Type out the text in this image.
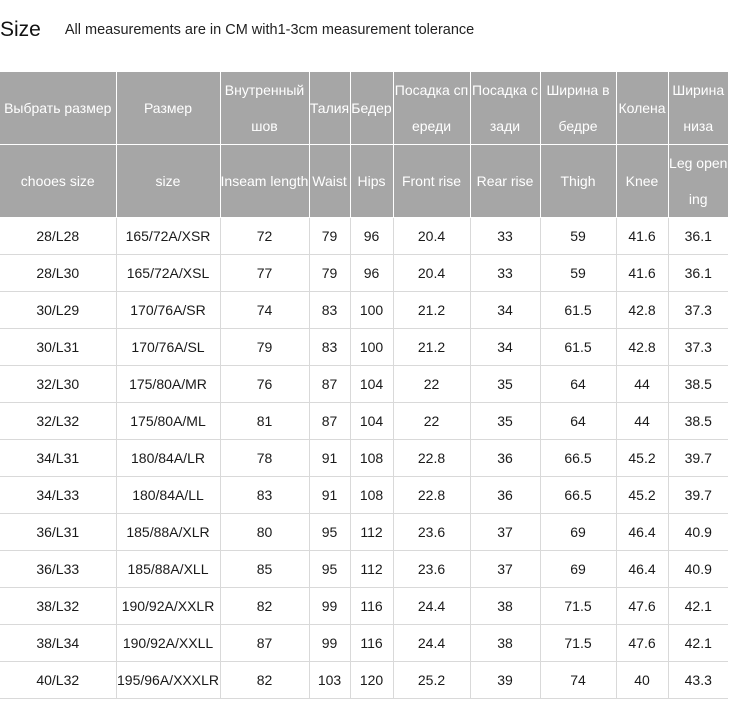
Size All measurements are in CM with1-3cm measurement tolerance
Выбрать размер	Размер	Внутренный шов	Талия	Бедер	Посадка спереди	Посадка сзади	Ширина в бедре	Колена	Ширина низа
chooes size	size	Inseam length	Waist	Hips	Front rise	Rear rise	Thigh	Knee	Leg opening
28/L28	165/72A/XSR	72	79	96	20.4	33	59	41.6	36.1
28/L30	165/72A/XSL	77	79	96	20.4	33	59	41.6	36.1
30/L29	170/76A/SR	74	83	100	21.2	34	61.5	42.8	37.3
30/L31	170/76A/SL	79	83	100	21.2	34	61.5	42.8	37.3
32/L30	175/80A/MR	76	87	104	22	35	64	44	38.5
32/L32	175/80A/ML	81	87	104	22	35	64	44	38.5
34/L31	180/84A/LR	78	91	108	22.8	36	66.5	45.2	39.7
34/L33	180/84A/LL	83	91	108	22.8	36	66.5	45.2	39.7
36/L31	185/88A/XLR	80	95	112	23.6	37	69	46.4	40.9
36/L33	185/88A/XLL	85	95	112	23.6	37	69	46.4	40.9
38/L32	190/92A/XXLR	82	99	116	24.4	38	71.5	47.6	42.1
38/L34	190/92A/XXLL	87	99	116	24.4	38	71.5	47.6	42.1
40/L32	195/96A/XXXLR	82	103	120	25.2	39	74	40	43.3
